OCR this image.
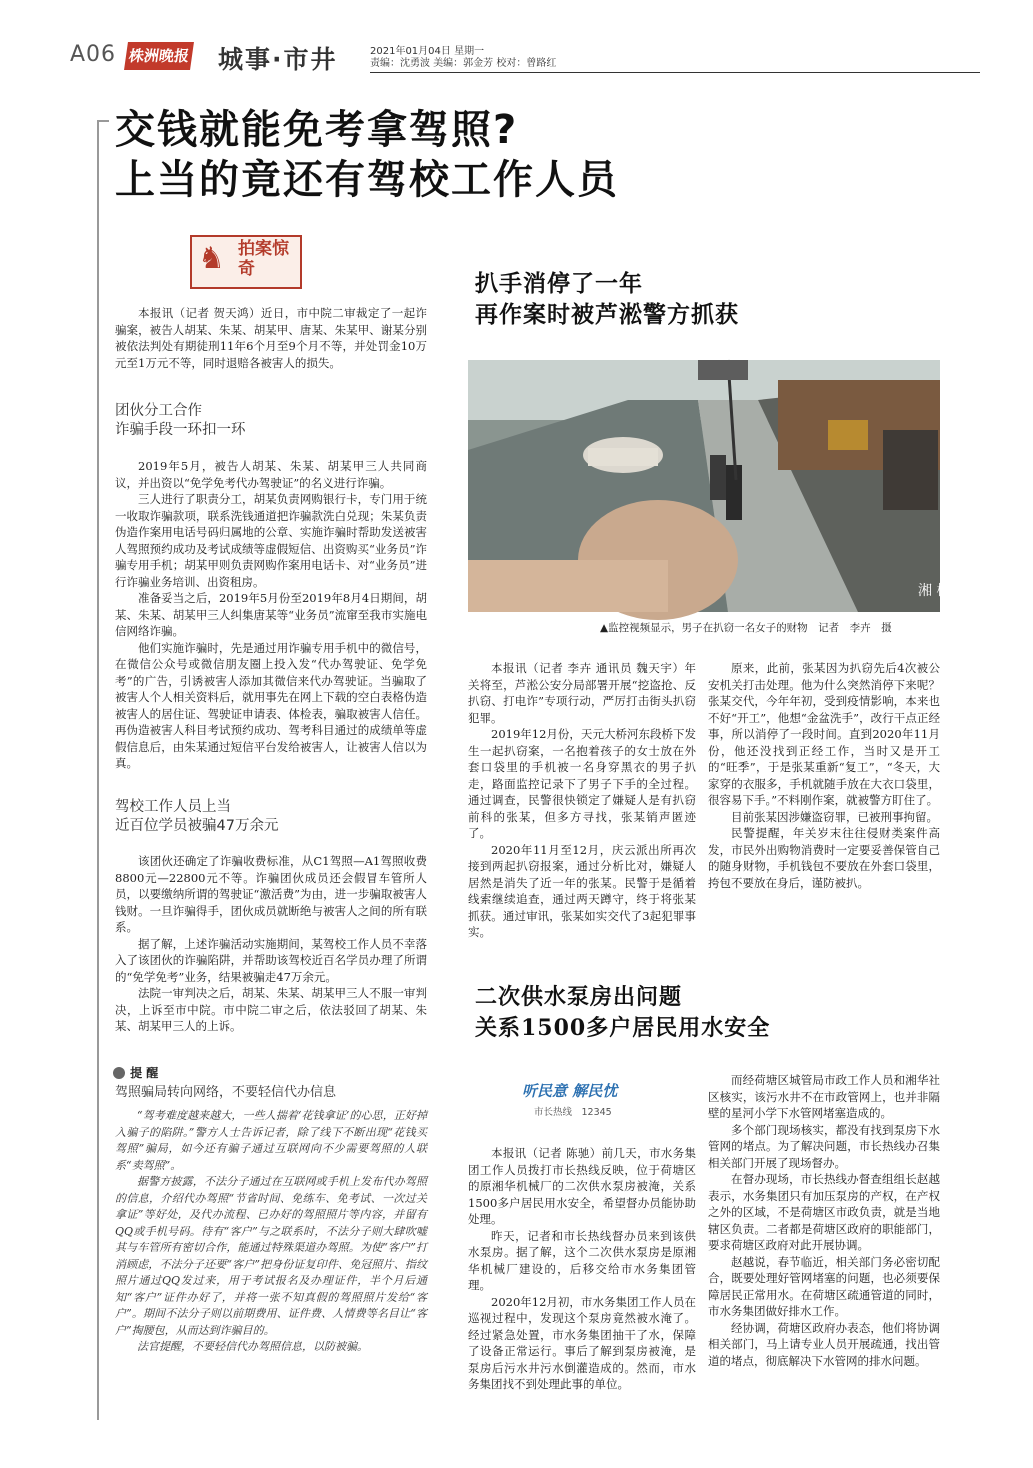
A06 株洲晚报 城事·市井	2021年01月04日 星期一
责编：沈勇波 美编：郭金芳 校对：曾路红
交钱就能免考拿驾照?
上当的竟还有驾校工作人员
♞ 拍案惊奇

本报讯（记者 贺天鸿）近日，市中院二审裁定了一起诈骗案，被告人胡某、朱某、胡某甲、唐某、朱某甲、谢某分别被依法判处有期徒刑11年6个月至9个月不等，并处罚金10万元至1万元不等，同时退赔各被害人的损失。

团伙分工合作
诈骗手段一环扣一环

2019年5月，被告人胡某、朱某、胡某甲三人共同商议，并出资以“免学免考代办驾驶证”的名义进行诈骗。

三人进行了职责分工，胡某负责网购银行卡，专门用于统一收取诈骗款项，联系洗钱通道把诈骗款洗白兑现；朱某负责伪造作案用电话号码归属地的公章、实施诈骗时帮助发送被害人驾照预约成功及考试成绩等虚假短信、出资购买“业务员”诈骗专用手机；胡某甲则负责网购作案用电话卡、对“业务员”进行诈骗业务培训、出资租房。

准备妥当之后，2019年5月份至2019年8月4日期间，胡某、朱某、胡某甲三人纠集唐某等“业务员”流窜至我市实施电信网络诈骗。

他们实施诈骗时，先是通过用诈骗专用手机中的微信号，在微信公众号或微信朋友圈上投入发“代办驾驶证、免学免考”的广告，引诱被害人添加其微信来代办驾驶证。当骗取了被害人个人相关资料后，就用事先在网上下载的空白表格伪造被害人的居住证、驾驶证申请表、体检表，骗取被害人信任。再伪造被害人科目考试预约成功、驾考科目通过的成绩单等虚假信息后，由朱某通过短信平台发给被害人，让被害人信以为真。

驾校工作人员上当
近百位学员被骗47万余元

该团伙还确定了诈骗收费标准，从C1驾照—A1驾照收费8800元—22800元不等。诈骗团伙成员还会假冒车管所人员，以要缴纳所谓的驾驶证“激活费”为由，进一步骗取被害人钱财。一旦诈骗得手，团伙成员就断绝与被害人之间的所有联系。

据了解，上述诈骗活动实施期间，某驾校工作人员不幸落入了该团伙的诈骗陷阱，并帮助该驾校近百名学员办理了所谓的“免学免考”业务，结果被骗走47万余元。

法院一审判决之后，胡某、朱某、胡某甲三人不服一审判决，上诉至市中院。市中院二审之后，依法驳回了胡某、朱某、胡某甲三人的上诉。

提 醒
驾照骗局转向网络，不要轻信代办信息

“驾考难度越来越大，一些人揣着‘花钱拿证’的心思，正好掉入骗子的陷阱。”警方人士告诉记者，除了线下不断出现“花钱买驾照”骗局，如今还有骗子通过互联网向不少需要驾照的人联系“卖驾照”。

据警方披露，不法分子通过在互联网或手机上发布代办驾照的信息，介绍代办驾照“节省时间、免练车、免考试、一次过关拿证”等好处，及代办流程、已办好的驾照照片等内容，并留有QQ或手机号码。待有“客户”与之联系时，不法分子则大肆吹嘘其与车管所有密切合作，能通过特殊渠道办驾照。为使“客户”打消顾虑，不法分子还要“客户”把身份证复印件、免冠照片、指纹照片通过QQ发过来，用于考试报名及办理证件，半个月后通知“客户”证件办好了，并将一张不知真假的驾照照片发给“客户”。期间不法分子则以前期费用、证件费、人情费等名目让“客户”掏腰包，从而达到诈骗目的。

法官提醒，不要轻信代办驾照信息，以防被骗。

扒手消停了一年
再作案时被芦淞警方抓获
湘 株 芦
▲监控视频显示，男子在扒窃一名女子的财物　记者　李卉　摄

本报讯（记者 李卉 通讯员 魏天宇）年关将至，芦淞公安分局部署开展“挖盗抢、反扒窃、打电诈”专项行动，严厉打击街头扒窃犯罪。

2019年12月份，天元大桥河东段桥下发生一起扒窃案，一名抱着孩子的女士放在外套口袋里的手机被一名身穿黑衣的男子扒走，路面监控记录下了男子下手的全过程。通过调查，民警很快锁定了嫌疑人是有扒窃前科的张某，但多方寻找，张某销声匿迹了。

2020年11月至12月，庆云派出所再次接到两起扒窃报案，通过分析比对，嫌疑人居然是消失了近一年的张某。民警于是循着线索继续追查，通过两天蹲守，终于将张某抓获。通过审讯，张某如实交代了3起犯罪事实。

原来，此前，张某因为扒窃先后4次被公安机关打击处理。他为什么突然消停下来呢？张某交代，今年年初，受到疫情影响，本来也不好“开工”，他想“金盆洗手”，改行干点正经事，所以消停了一段时间。直到2020年11月份，他还没找到正经工作，当时又是开工的“旺季”，于是张某重新“复工”，“冬天，大家穿的衣服多，手机就随手放在大衣口袋里，很容易下手。”不料刚作案，就被警方盯住了。

目前张某因涉嫌盗窃罪，已被刑事拘留。

民警提醒，年关岁末往往侵财类案件高发，市民外出购物消费时一定要妥善保管自己的随身财物，手机钱包不要放在外套口袋里，挎包不要放在身后，谨防被扒。

二次供水泵房出问题
关系1500多户居民用水安全
听民意 解民忧
市长热线　12345

本报讯（记者 陈驰）前几天，市水务集团工作人员拨打市长热线反映，位于荷塘区的原湘华机械厂的二次供水泵房被淹，关系1500多户居民用水安全，希望督办员能协助处理。

昨天，记者和市长热线督办员来到该供水泵房。据了解，这个二次供水泵房是原湘华机械厂建设的，后移交给市水务集团管理。

2020年12月初，市水务集团工作人员在巡视过程中，发现这个泵房竟然被水淹了。经过紧急处置，市水务集团抽干了水，保障了设备正常运行。事后了解到泵房被淹，是泵房后污水井污水倒灌造成的。然而，市水务集团找不到处理此事的单位。

而经荷塘区城管局市政工作人员和湘华社区核实，该污水井不在市政管网上，也并非隔壁的星河小学下水管网堵塞造成的。

多个部门现场核实，都没有找到泵房下水管网的堵点。为了解决问题，市长热线办召集相关部门开展了现场督办。

在督办现场，市长热线办督查组组长赵越表示，水务集团只有加压泵房的产权，在产权之外的区域，不是荷塘区市政负责，就是当地辖区负责。二者都是荷塘区政府的职能部门，要求荷塘区政府对此开展协调。

赵越说，春节临近，相关部门务必密切配合，既要处理好管网堵塞的问题，也必须要保障居民正常用水。在荷塘区疏通管道的同时，市水务集团做好排水工作。

经协调，荷塘区政府办表态，他们将协调相关部门，马上请专业人员开展疏通，找出管道的堵点，彻底解决下水管网的排水问题。
